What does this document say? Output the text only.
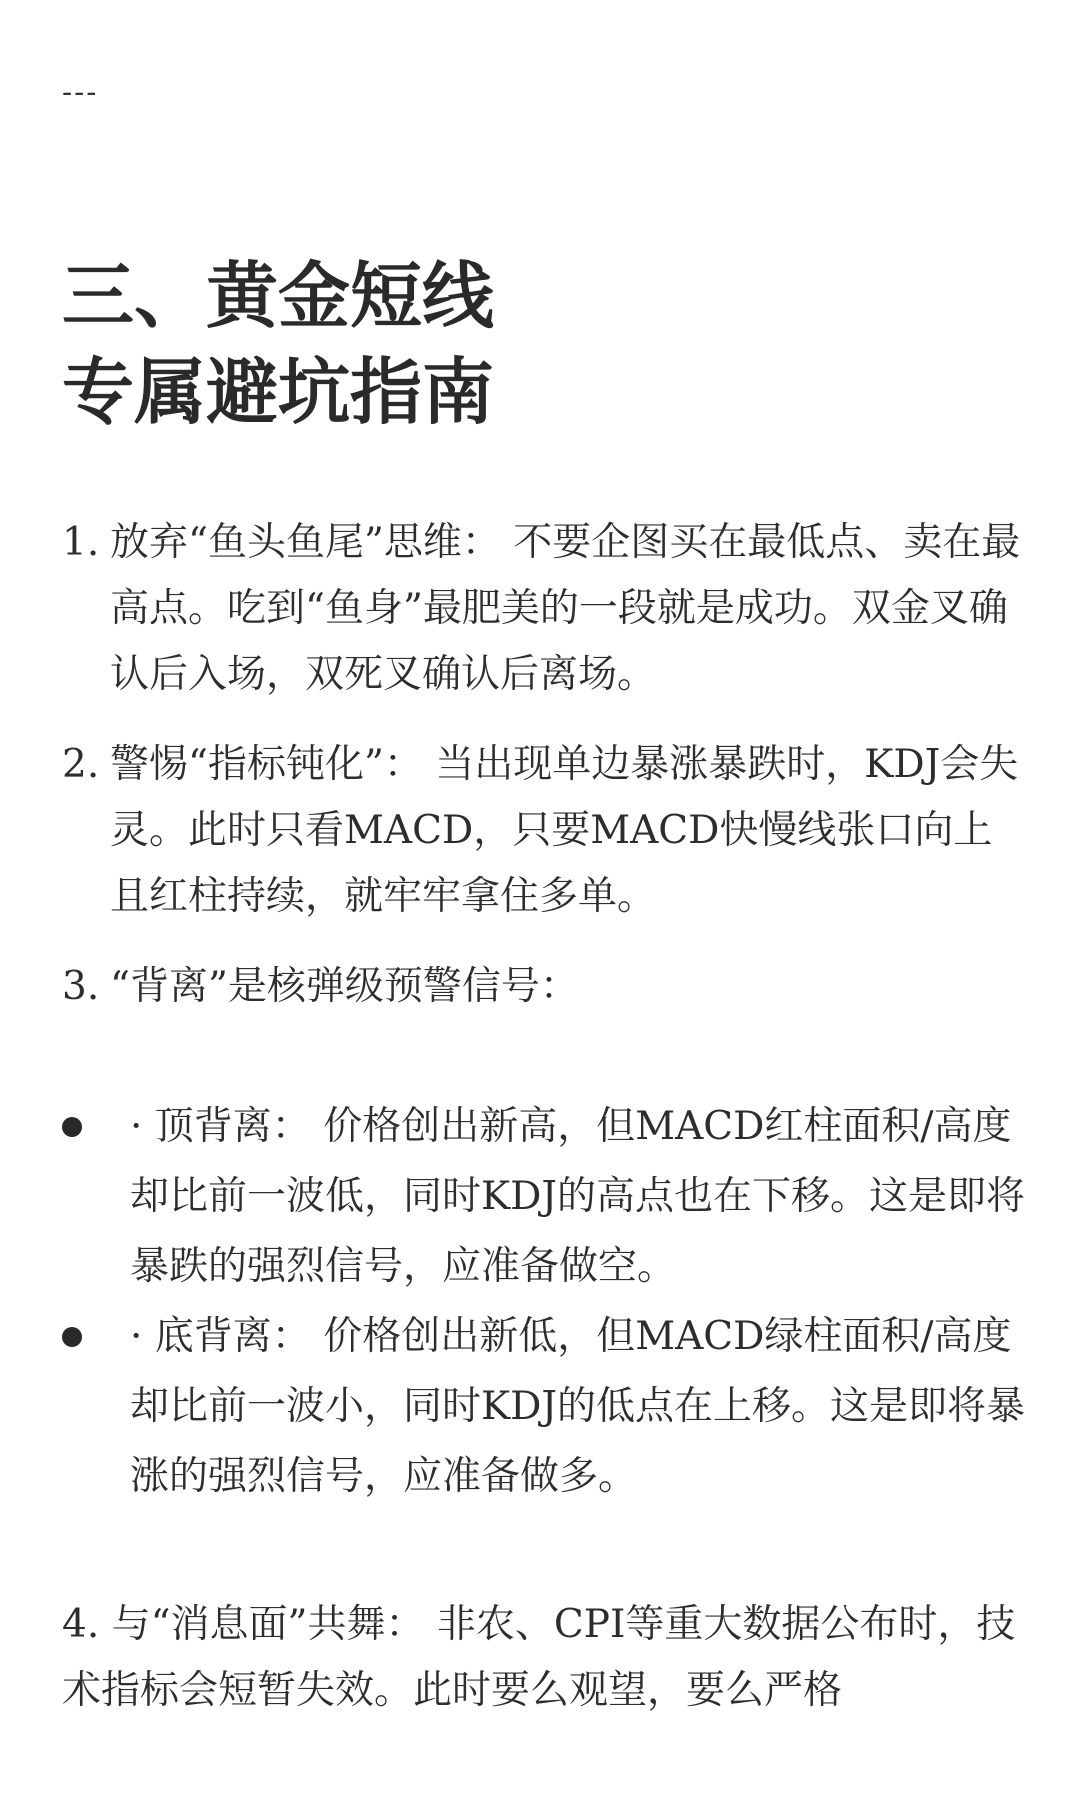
---
三、黄金短线
专属避坑指南
1. 放弃“鱼头鱼尾”思维： 不要企图买在最低点、卖在最高点。吃到“鱼身”最肥美的一段就是成功。双金叉确认后入场，双死叉确认后离场。
2. 警惕“指标钝化”： 当出现单边暴涨暴跌时，KDJ会失灵。此时只看MACD，只要MACD快慢线张口向上且红柱持续，就牢牢拿住多单。
3. “背离”是核弹级预警信号：
· 顶背离： 价格创出新高，但MACD红柱面积/高度却比前一波低，同时KDJ的高点也在下移。这是即将暴跌的强烈信号，应准备做空。
· 底背离： 价格创出新低，但MACD绿柱面积/高度却比前一波小，同时KDJ的低点在上移。这是即将暴涨的强烈信号，应准备做多。
4. 与“消息面”共舞： 非农、CPI等重大数据公布时，技术指标会短暂失效。此时要么观望，要么严格
